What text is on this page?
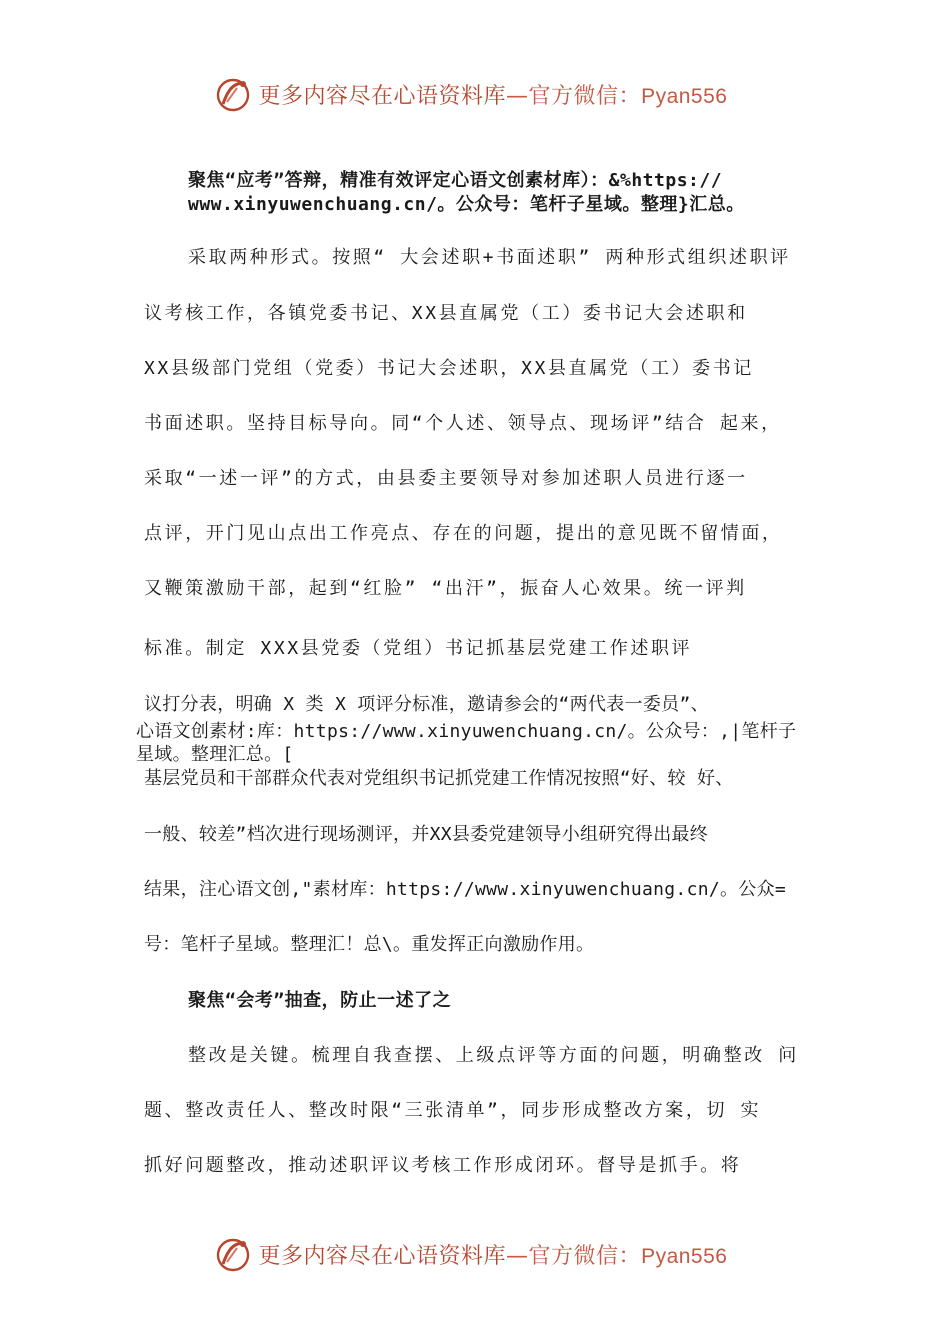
更多内容尽在心语资料库—官方微信：Pyan556
聚焦“应考”答辩，精准有效评定心语文创素材库）：&%https://
www.xinyuwenchuang.cn/。公众号：笔杆子星域。整理}汇总。
采取两种形式。按照“ 大会述职+书面述职” 两种形式组织述职评
议考核工作，各镇党委书记、XX县直属党（工）委书记大会述职和
XX县级部门党组（党委）书记大会述职，XX县直属党（工）委书记
书面述职。坚持目标导向。同“个人述、领导点、现场评”结合 起来，
采取“一述一评”的方式，由县委主要领导对参加述职人员进行逐一
点评，开门见山点出工作亮点、存在的问题，提出的意见既不留情面，
又鞭策激励干部，起到“红脸” “出汗”，振奋人心效果。统一评判
标准。制定 XXX县党委（党组）书记抓基层党建工作述职评
议打分表，明确 X 类 X 项评分标准，邀请参会的“两代表一委员”、
心语文创素材:库：https://www.xinyuwenchuang.cn/。公众号：,|笔杆子
星域。整理汇总。[
基层党员和干部群众代表对党组织书记抓党建工作情况按照“好、较 好、
一般、较差”档次进行现场测评，并XX县委党建领导小组研究得出最终
结果，注心语文创,"素材库：https://www.xinyuwenchuang.cn/。公众=
号：笔杆子星域。整理汇！总\。重发挥正向激励作用。
聚焦“会考”抽查，防止一述了之
整改是关键。梳理自我查摆、上级点评等方面的问题，明确整改 问
题、整改责任人、整改时限“三张清单”，同步形成整改方案，切 实
抓好问题整改，推动述职评议考核工作形成闭环。督导是抓手。将
更多内容尽在心语资料库—官方微信：Pyan556
